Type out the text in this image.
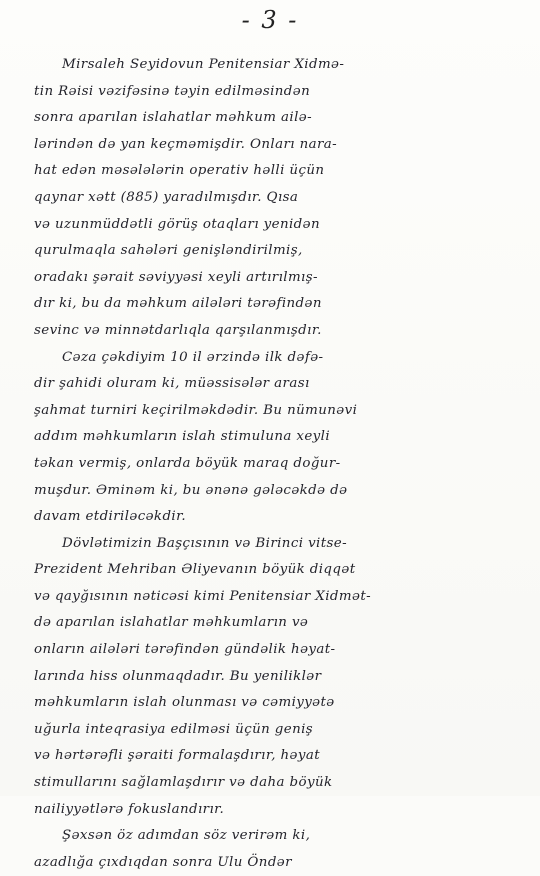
- 3 -
Mirsaleh Seyidovun Penitensiar Xidmə-
tin Rəisi vəzifəsinə təyin edilməsindən
sonra aparılan islahatlar məhkum ailə-
lərindən də yan keçməmişdir. Onları nara-
hat edən məsələlərin operativ həlli üçün
qaynar xətt (885) yaradılmışdır. Qısa
və uzunmüddətli görüş otaqları yenidən
qurulmaqla sahələri genişləndirilmiş,
oradakı şərait səviyyəsi xeyli artırılmış-
dır ki, bu da məhkum ailələri tərəfindən
sevinc və minnətdarlıqla qarşılanmışdır.
Cəza çəkdiyim 10 il ərzində ilk dəfə-
dir şahidi oluram ki, müəssisələr arası
şahmat turniri keçirilməkdədir. Bu nümunəvi
addım məhkumların islah stimuluna xeyli
təkan vermiş, onlarda böyük maraq doğur-
muşdur. Əminəm ki, bu ənənə gələcəkdə də
davam etdiriləcəkdir.
Dövlətimizin Başçısının və Birinci vitse-
Prezident Mehriban Əliyevanın böyük diqqət
və qayğısının nəticəsi kimi Penitensiar Xidmət-
də aparılan islahatlar məhkumların və
onların ailələri tərəfindən gündəlik həyat-
larında hiss olunmaqdadır. Bu yeniliklər
məhkumların islah olunması və cəmiyyətə
uğurla inteqrasiya edilməsi üçün geniş
və hərtərəfli şəraiti formalaşdırır, həyat
stimullarını sağlamlaşdırır və daha böyük
nailiyyətlərə fokuslandırır.
Şəxsən öz adımdan söz verirəm ki,
azadlığa çıxdıqdan sonra Ulu Öndər
